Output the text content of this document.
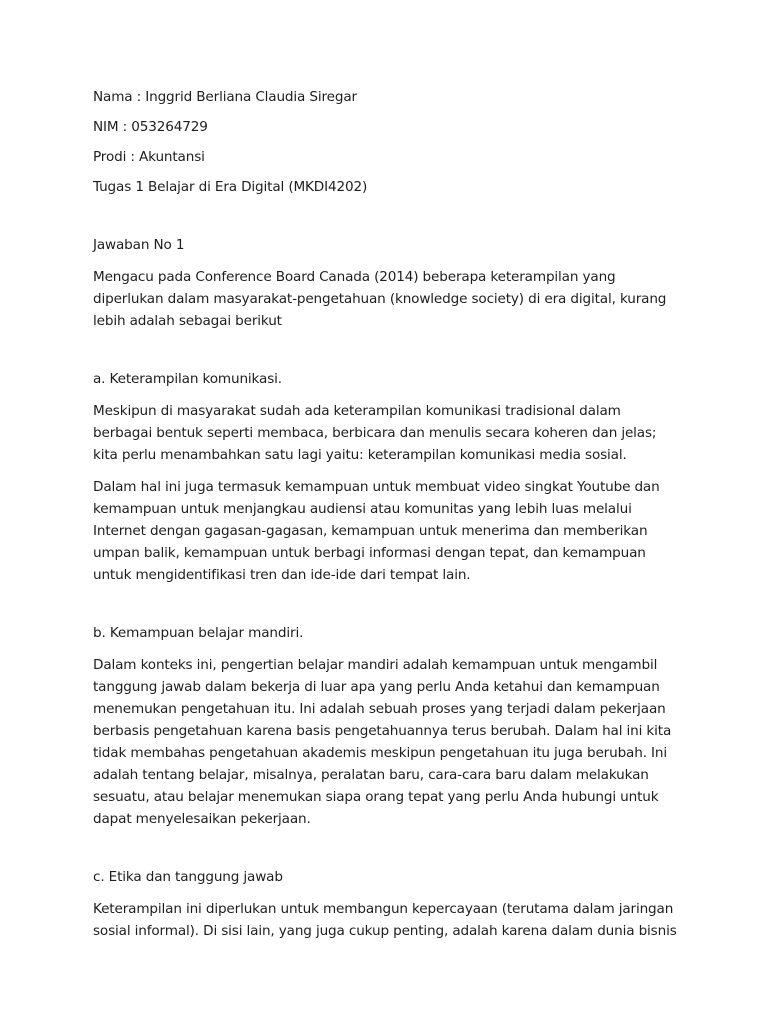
Nama : Inggrid Berliana Claudia Siregar

NIM : 053264729

Prodi : Akuntansi

Tugas 1 Belajar di Era Digital (MKDI4202)

Jawaban No 1

Mengacu pada Conference Board Canada (2014) beberapa keterampilan yang

diperlukan dalam masyarakat-pengetahuan (knowledge society) di era digital, kurang

lebih adalah sebagai berikut

a. Keterampilan komunikasi.

Meskipun di masyarakat sudah ada keterampilan komunikasi tradisional dalam

berbagai bentuk seperti membaca, berbicara dan menulis secara koheren dan jelas;

kita perlu menambahkan satu lagi yaitu: keterampilan komunikasi media sosial.

Dalam hal ini juga termasuk kemampuan untuk membuat video singkat Youtube dan

kemampuan untuk menjangkau audiensi atau komunitas yang lebih luas melalui

Internet dengan gagasan-gagasan, kemampuan untuk menerima dan memberikan

umpan balik, kemampuan untuk berbagi informasi dengan tepat, dan kemampuan

untuk mengidentifikasi tren dan ide-ide dari tempat lain.

b. Kemampuan belajar mandiri.

Dalam konteks ini, pengertian belajar mandiri adalah kemampuan untuk mengambil

tanggung jawab dalam bekerja di luar apa yang perlu Anda ketahui dan kemampuan

menemukan pengetahuan itu. Ini adalah sebuah proses yang terjadi dalam pekerjaan

berbasis pengetahuan karena basis pengetahuannya terus berubah. Dalam hal ini kita

tidak membahas pengetahuan akademis meskipun pengetahuan itu juga berubah. Ini

adalah tentang belajar, misalnya, peralatan baru, cara-cara baru dalam melakukan

sesuatu, atau belajar menemukan siapa orang tepat yang perlu Anda hubungi untuk

dapat menyelesaikan pekerjaan.

c. Etika dan tanggung jawab

Keterampilan ini diperlukan untuk membangun kepercayaan (terutama dalam jaringan

sosial informal). Di sisi lain, yang juga cukup penting, adalah karena dalam dunia bisnis
